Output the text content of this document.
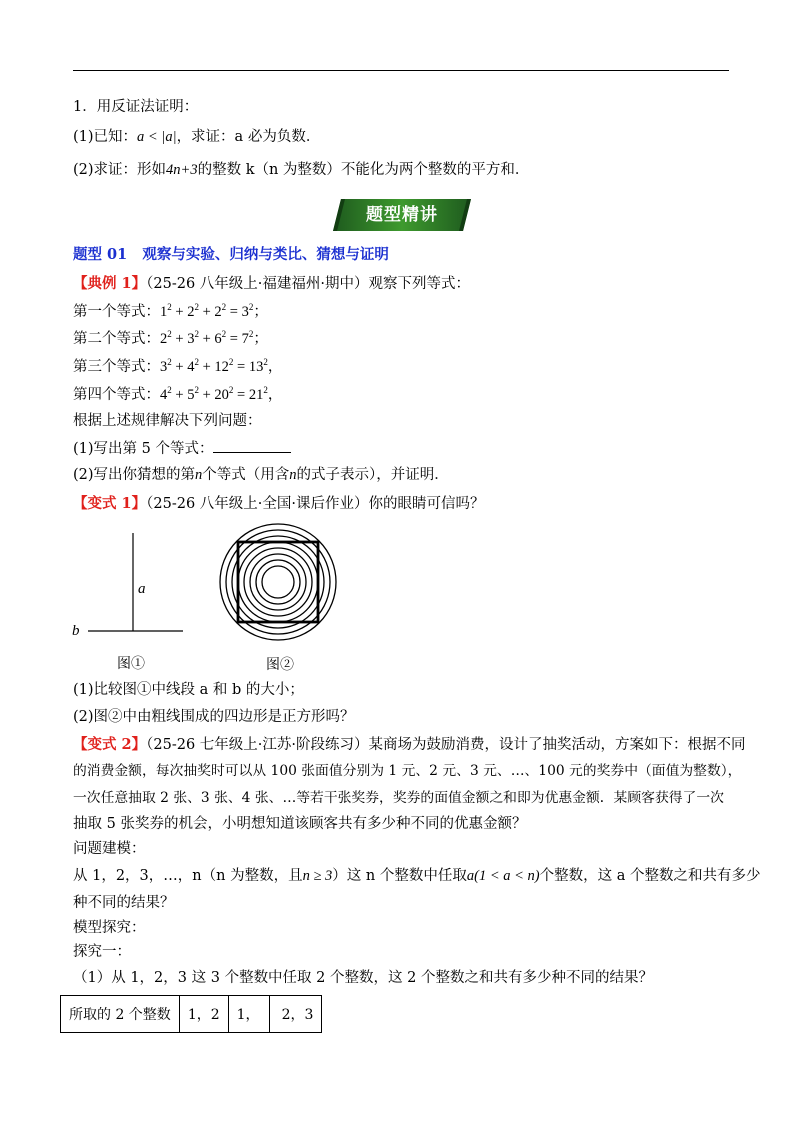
1．用反证法证明：
(1)已知：a < |a|，求证：a 必为负数．
(2)求证：形如4n+3的整数 k（n 为整数）不能化为两个整数的平方和．
题型精讲
题型 01 观察与实验、归纳与类比、猜想与证明
【典例 1】（25-26 八年级上·福建福州·期中）观察下列等式：
第一个等式：$1^2 + 2^2 + 2^2 = 3^2$；
第二个等式：$2^2 + 3^2 + 6^2 = 7^2$；
第三个等式：$3^2 + 4^2 + 12^2 = 13^2$，
第四个等式：$4^2 + 5^2 + 20^2 = 21^2$，
根据上述规律解决下列问题：
(1)写出第 5 个等式：
(2)写出你猜想的第n个等式（用含n的式子表示），并证明．
【变式 1】（25-26 八年级上·全国·课后作业）你的眼睛可信吗？
a
b
图①	图②
(1)比较图①中线段 a 和 b 的大小；
(2)图②中由粗线围成的四边形是正方形吗？
【变式 2】（25-26 七年级上·江苏·阶段练习）某商场为鼓励消费，设计了抽奖活动，方案如下：根据不同
的消费金额，每次抽奖时可以从 100 张面值分别为 1 元、2 元、3 元、…、100 元的奖券中（面值为整数），
一次任意抽取 2 张、3 张、4 张、…等若干张奖券，奖券的面值金额之和即为优惠金额．某顾客获得了一次
抽取 5 张奖券的机会，小明想知道该顾客共有多少种不同的优惠金额？
问题建模：
从 1，2，3，…，n（n 为整数，且n ≥ 3）这 n 个整数中任取a(1 < a < n)个整数，这 a 个整数之和共有多少
种不同的结果？
模型探究：
探究一：
（1）从 1，2，3 这 3 个整数中任取 2 个整数，这 2 个整数之和共有多少种不同的结果？
所取的 2 个整数	1，2	1，	2，3
